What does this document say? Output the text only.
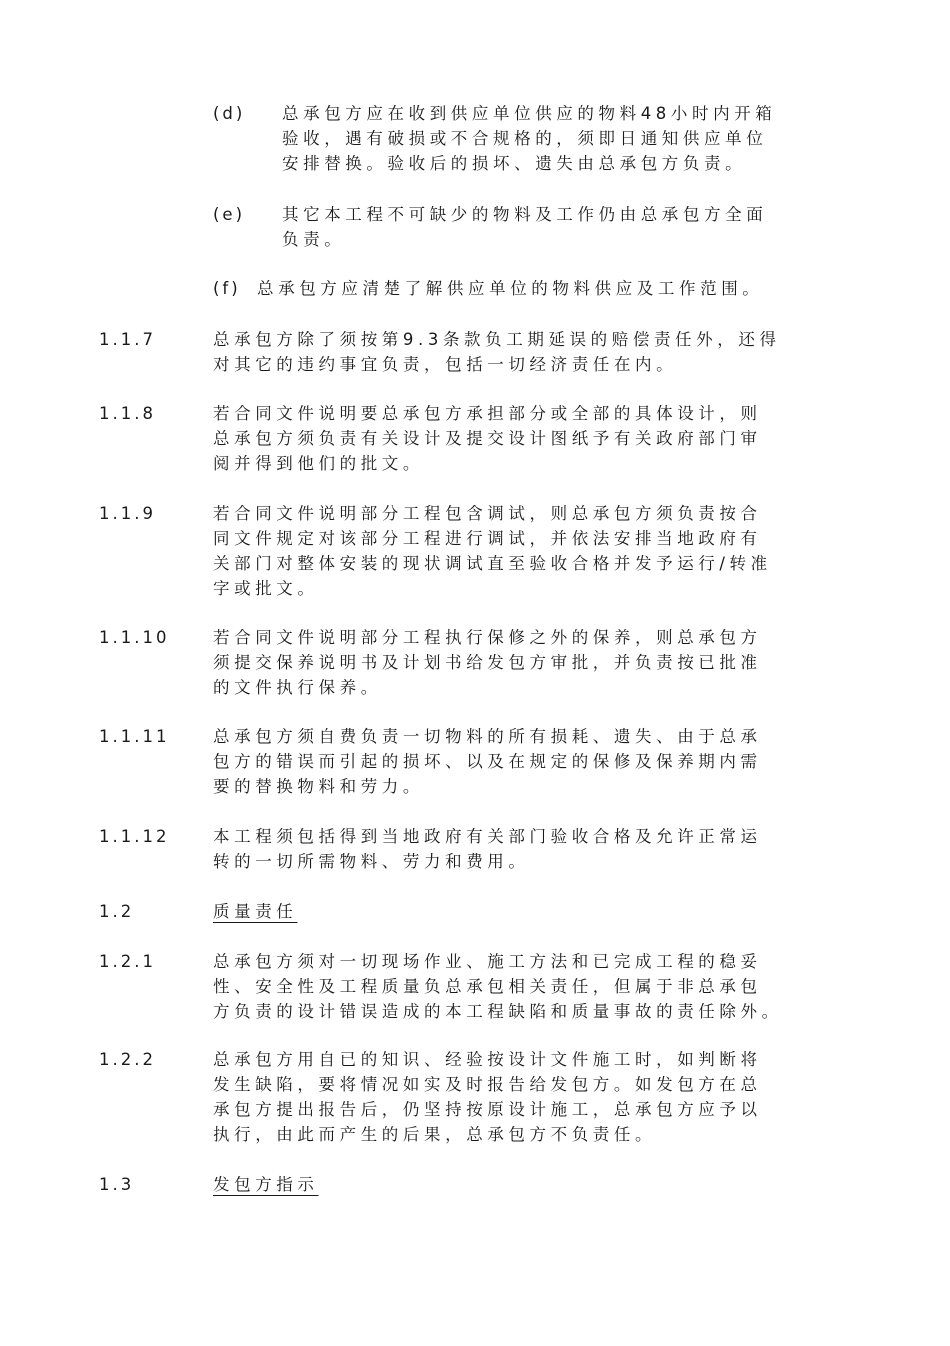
(d) 总承包方应在收到供应单位供应的物料48小时内开箱
验收，遇有破损或不合规格的，须即日通知供应单位
安排替换。验收后的损坏、遗失由总承包方负责。
(e) 其它本工程不可缺少的物料及工作仍由总承包方全面
负责。
(f) 总承包方应清楚了解供应单位的物料供应及工作范围。
1.1.7	总承包方除了须按第9.3条款负工期延误的赔偿责任外，还得
对其它的违约事宜负责，包括一切经济责任在内。
1.1.8	若合同文件说明要总承包方承担部分或全部的具体设计，则
总承包方须负责有关设计及提交设计图纸予有关政府部门审
阅并得到他们的批文。
1.1.9	若合同文件说明部分工程包含调试，则总承包方须负责按合
同文件规定对该部分工程进行调试，并依法安排当地政府有
关部门对整体安装的现状调试直至验收合格并发予运行/转准
字或批文。
1.1.10	若合同文件说明部分工程执行保修之外的保养，则总承包方
须提交保养说明书及计划书给发包方审批，并负责按已批准
的文件执行保养。
1.1.11	总承包方须自费负责一切物料的所有损耗、遗失、由于总承
包方的错误而引起的损坏、以及在规定的保修及保养期内需
要的替换物料和劳力。
1.1.12	本工程须包括得到当地政府有关部门验收合格及允许正常运
转的一切所需物料、劳力和费用。
1.2	质量责任
1.2.1	总承包方须对一切现场作业、施工方法和已完成工程的稳妥
性、安全性及工程质量负总承包相关责任，但属于非总承包
方负责的设计错误造成的本工程缺陷和质量事故的责任除外。
1.2.2	总承包方用自已的知识、经验按设计文件施工时，如判断将
发生缺陷，要将情况如实及时报告给发包方。如发包方在总
承包方提出报告后，仍坚持按原设计施工，总承包方应予以
执行，由此而产生的后果，总承包方不负责任。
1.3	发包方指示
